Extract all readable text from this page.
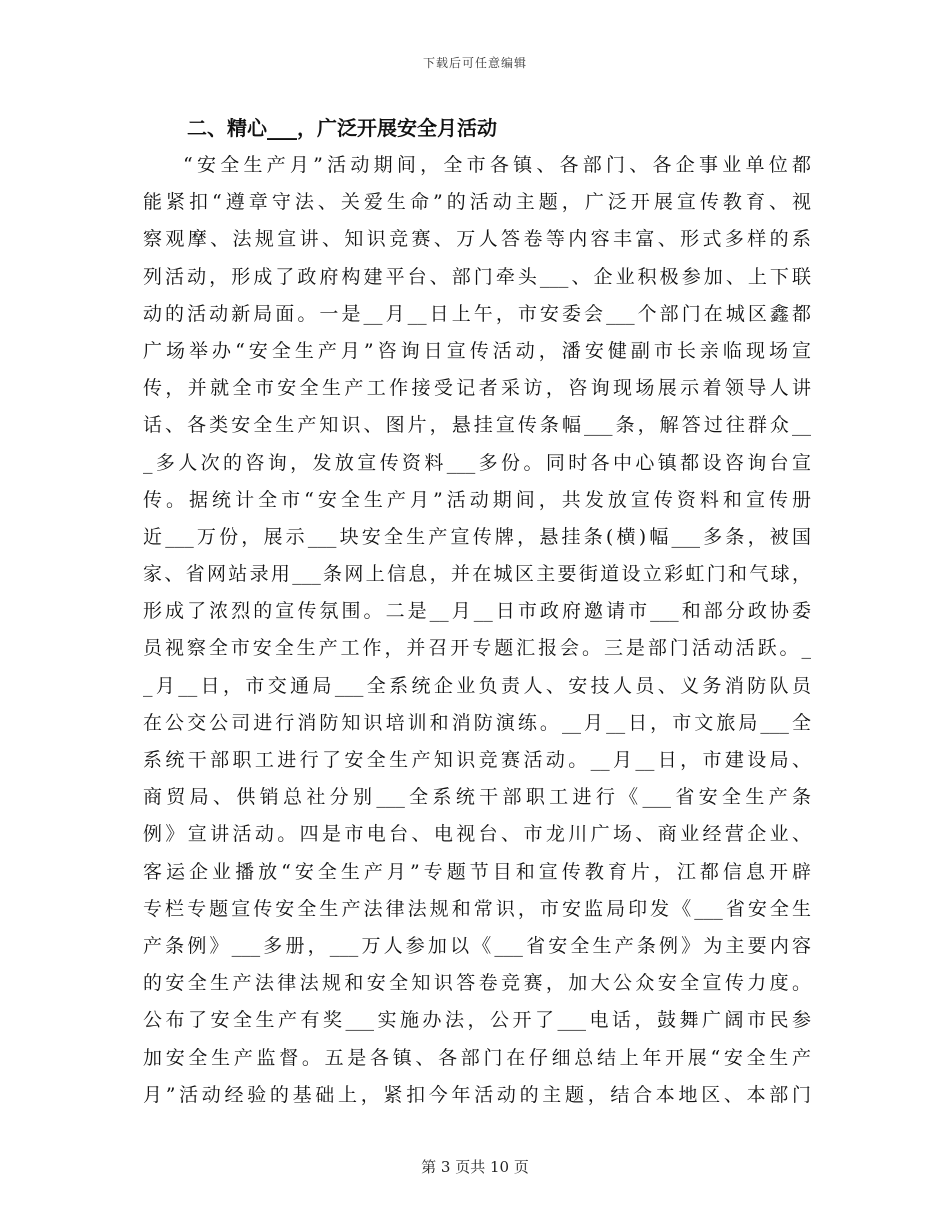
下载后可任意编辑
二、精心___，广泛开展安全月活动
“安全生产月”活动期间，全市各镇、各部门、各企事业单位都
能紧扣“遵章守法、关爱生命”的活动主题，广泛开展宣传教育、视
察观摩、法规宣讲、知识竞赛、万人答卷等内容丰富、形式多样的系
列活动，形成了政府构建平台、部门牵头___、企业积极参加、上下联
动的活动新局面。一是__月__日上午，市安委会___个部门在城区鑫都
广场举办“安全生产月”咨询日宣传活动，潘安健副市长亲临现场宣
传，并就全市安全生产工作接受记者采访，咨询现场展示着领导人讲
话、各类安全生产知识、图片，悬挂宣传条幅___条，解答过往群众__
_多人次的咨询，发放宣传资料___多份。同时各中心镇都设咨询台宣
传。据统计全市“安全生产月”活动期间，共发放宣传资料和宣传册
近___万份，展示___块安全生产宣传牌，悬挂条(横)幅___多条，被国
家、省网站录用___条网上信息，并在城区主要街道设立彩虹门和气球，
形成了浓烈的宣传氛围。二是__月__日市政府邀请市___和部分政协委
员视察全市安全生产工作，并召开专题汇报会。三是部门活动活跃。_
_月__日，市交通局___全系统企业负责人、安技人员、义务消防队员
在公交公司进行消防知识培训和消防演练。__月__日，市文旅局___全
系统干部职工进行了安全生产知识竞赛活动。__月__日，市建设局、
商贸局、供销总社分别___全系统干部职工进行《___省安全生产条
例》宣讲活动。四是市电台、电视台、市龙川广场、商业经营企业、
客运企业播放“安全生产月”专题节目和宣传教育片，江都信息开辟
专栏专题宣传安全生产法律法规和常识，市安监局印发《___省安全生
产条例》___多册，___万人参加以《___省安全生产条例》为主要内容
的安全生产法律法规和安全知识答卷竞赛，加大公众安全宣传力度。
公布了安全生产有奖___实施办法，公开了___电话，鼓舞广阔市民参
加安全生产监督。五是各镇、各部门在仔细总结上年开展“安全生产
月”活动经验的基础上，紧扣今年活动的主题，结合本地区、本部门
第 3 页共 10 页
